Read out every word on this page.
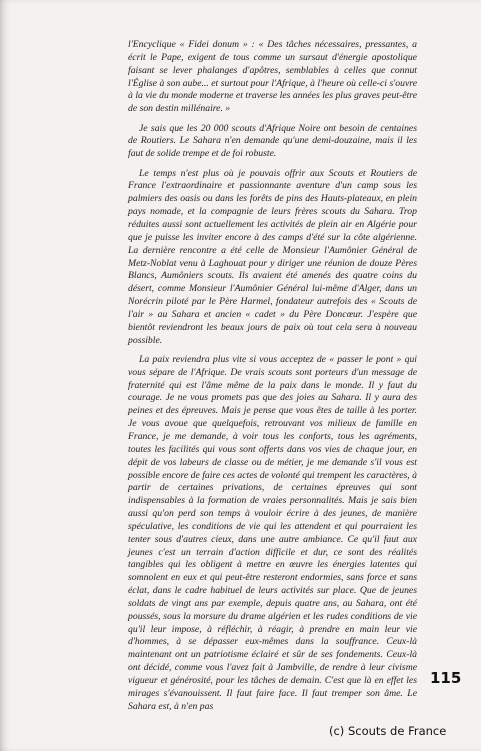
l'Encyclique « Fidei donum » : « Des tâches nécessaires, pressantes, a écrit le Pape, exigent de tous comme un sursaut d'énergie apostolique faisant se lever phalanges d'apôtres, semblables à celles que connut l'Église à son aube... et surtout pour l'Afrique, à l'heure où celle-ci s'ouvre à la vie du monde moderne et traverse les années les plus graves peut-être de son destin millénaire. »

Je sais que les 20 000 scouts d'Afrique Noire ont besoin de centaines de Routiers. Le Sahara n'en demande qu'une demi-douzaine, mais il les faut de solide trempe et de foi robuste.

Le temps n'est plus où je pouvais offrir aux Scouts et Routiers de France l'extraordinaire et passionnante aventure d'un camp sous les palmiers des oasis ou dans les forêts de pins des Hauts-plateaux, en plein pays nomade, et la compagnie de leurs frères scouts du Sahara. Trop réduites aussi sont actuellement les activités de plein air en Algérie pour que je puisse les inviter encore à des camps d'été sur la côte algérienne. La dernière rencontre a été celle de Monsieur l'Aumônier Général de Metz-Noblat venu à Laghouat pour y diriger une réunion de douze Pères Blancs, Aumôniers scouts. Ils avaient été amenés des quatre coins du désert, comme Monsieur l'Aumônier Général lui-même d'Alger, dans un Norécrin piloté par le Père Harmel, fondateur autrefois des « Scouts de l'air » au Sahara et ancien « cadet » du Père Doncœur. J'espère que bientôt reviendront les beaux jours de paix où tout cela sera à nouveau possible.

La paix reviendra plus vite si vous acceptez de « passer le pont » qui vous sépare de l'Afrique. De vrais scouts sont porteurs d'un message de fraternité qui est l'âme même de la paix dans le monde. Il y faut du courage. Je ne vous promets pas que des joies au Sahara. Il y aura des peines et des épreuves. Mais je pense que vous êtes de taille à les porter. Je vous avoue que quelquefois, retrouvant vos milieux de famille en France, je me demande, à voir tous les conforts, tous les agréments, toutes les facilités qui vous sont offerts dans vos vies de chaque jour, en dépit de vos labeurs de classe ou de métier, je me demande s'il vous est possible encore de faire ces actes de volonté qui trempent les caractères, à partir de certaines privations, de certaines épreuves qui sont indispensables à la formation de vraies personnalités. Mais je sais bien aussi qu'on perd son temps à vouloir écrire à des jeunes, de manière spéculative, les conditions de vie qui les attendent et qui pourraient les tenter sous d'autres cieux, dans une autre ambiance. Ce qu'il faut aux jeunes c'est un terrain d'action difficile et dur, ce sont des réalités tangibles qui les obligent à mettre en œuvre les énergies latentes qui somnolent en eux et qui peut-être resteront endormies, sans force et sans éclat, dans le cadre habituel de leurs activités sur place. Que de jeunes soldats de vingt ans par exemple, depuis quatre ans, au Sahara, ont été poussés, sous la morsure du drame algérien et les rudes conditions de vie qu'il leur impose, à réfléchir, à réagir, à prendre en main leur vie d'hommes, à se dépasser eux-mêmes dans la souffrance. Ceux-là maintenant ont un patriotisme éclairé et sûr de ses fondements. Ceux-là ont décidé, comme vous l'avez fait à Jambville, de rendre à leur civisme vigueur et générosité, pour les tâches de demain. C'est que là en effet les mirages s'évanouissent. Il faut faire face. Il faut tremper son âme. Le Sahara est, à n'en pas

115
(c) Scouts de France
